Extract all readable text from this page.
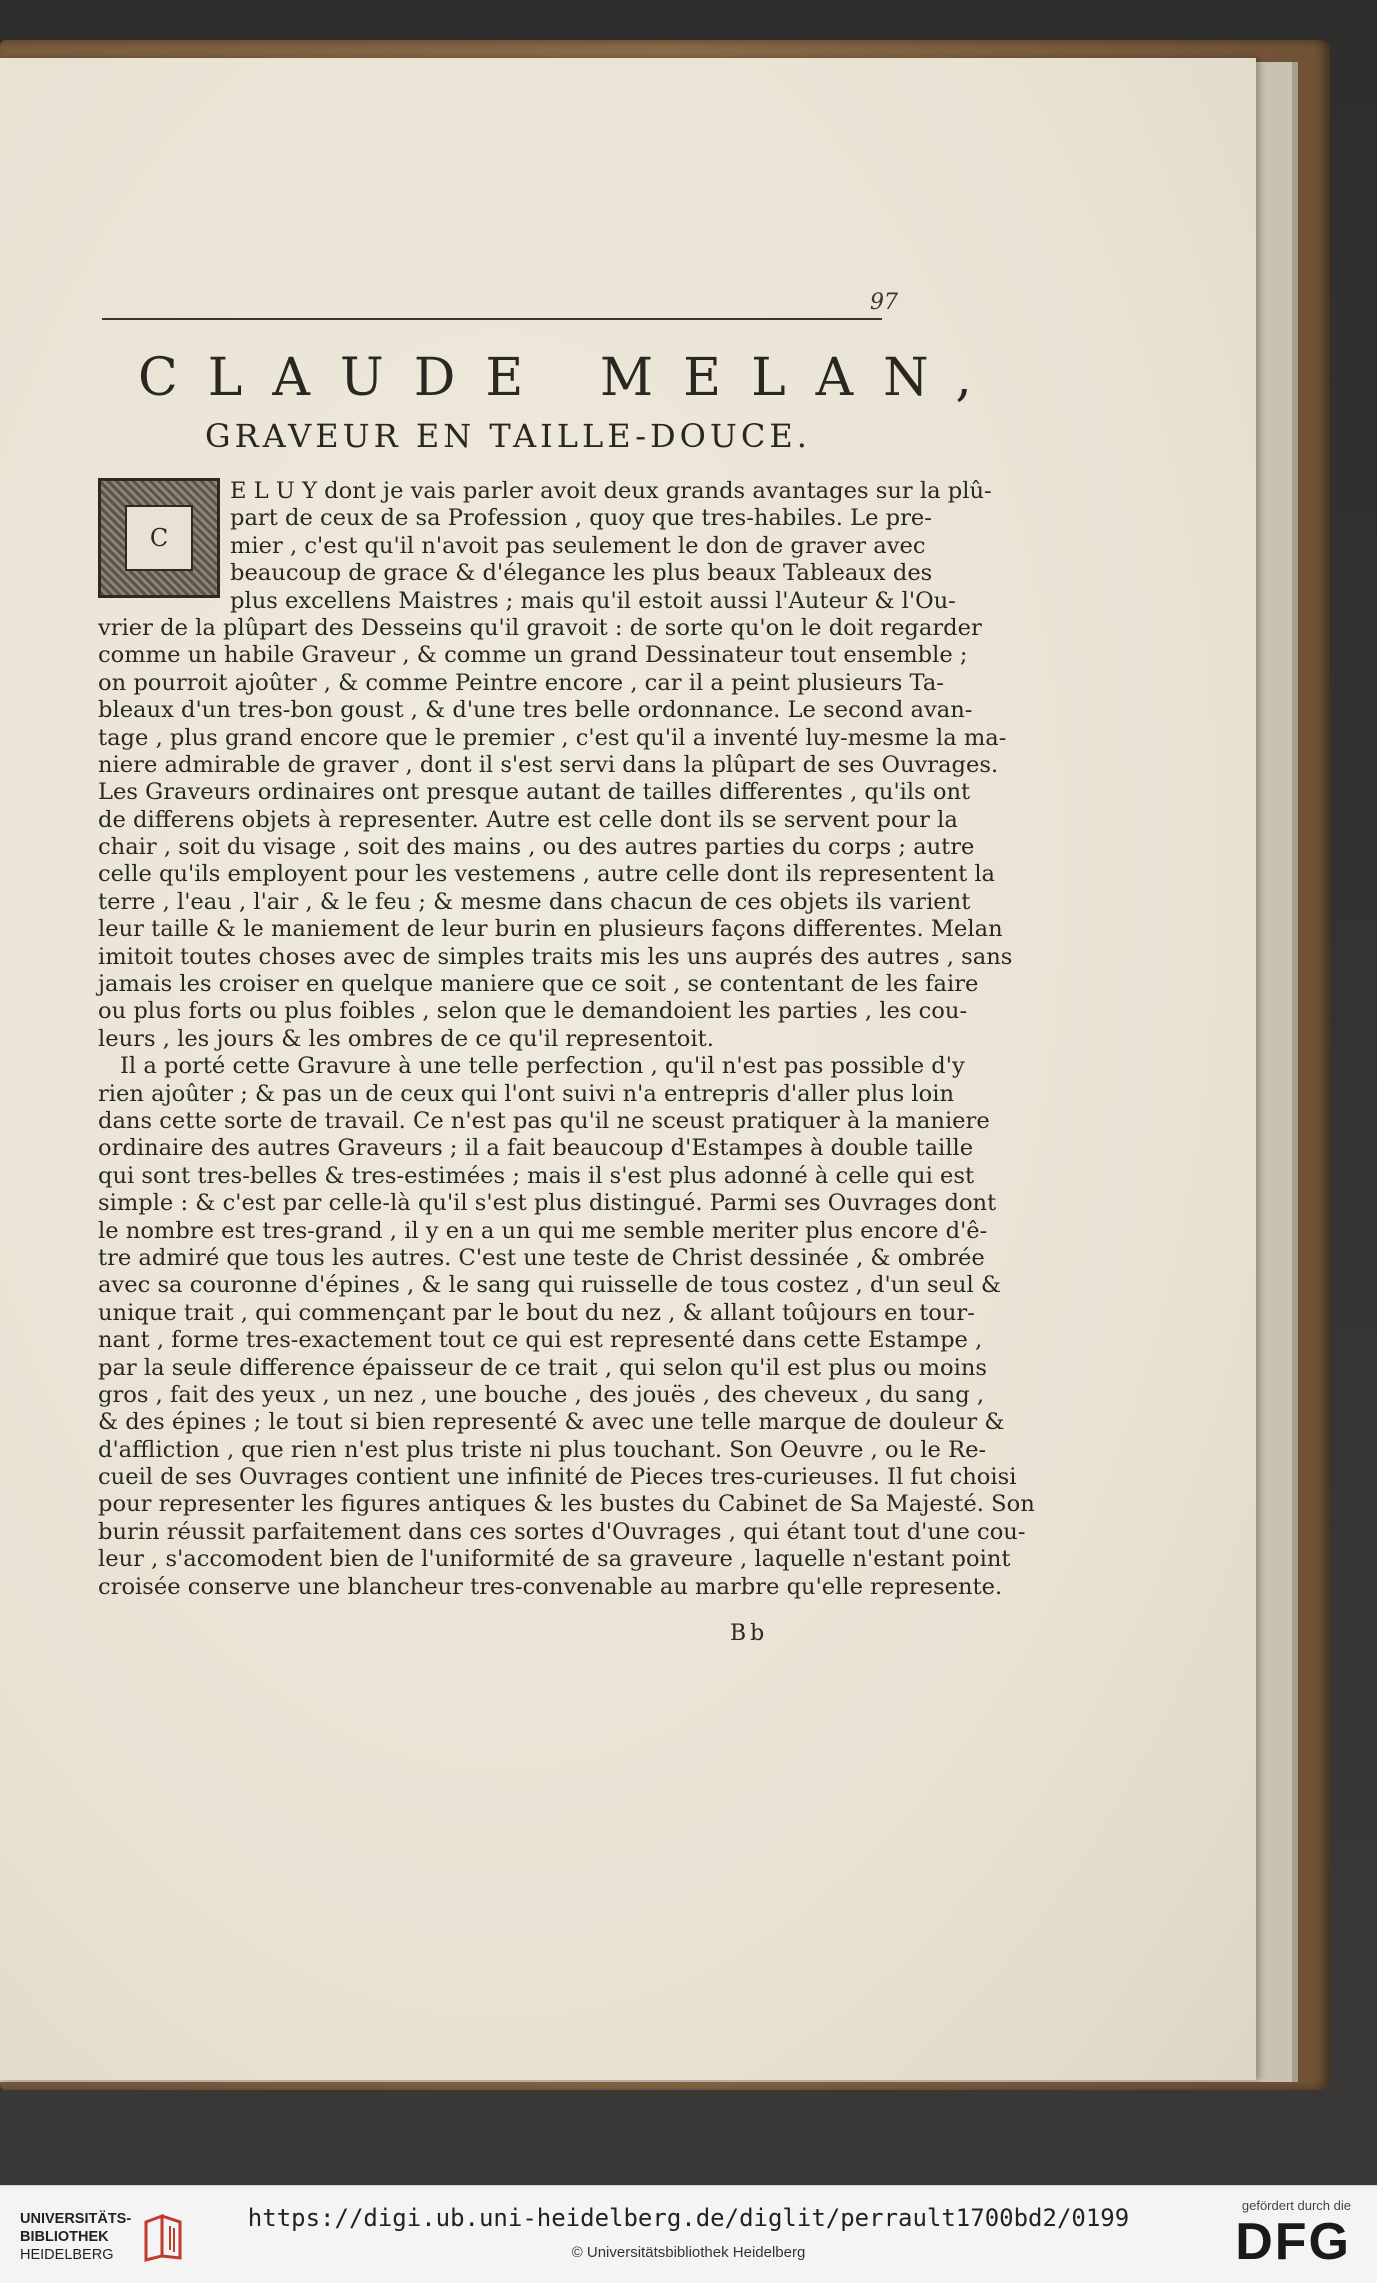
97
CLAUDE MELAN,
GRAVEUR EN TAILLE-DOUCE.
C
E L U Y dont je vais parler avoit deux grands avantages sur la plû-
part de ceux de sa Profession , quoy que tres-habiles. Le pre-
mier , c'est qu'il n'avoit pas seulement le don de graver avec
beaucoup de grace & d'élegance les plus beaux Tableaux des
plus excellens Maistres ; mais qu'il estoit aussi l'Auteur & l'Ou-
vrier de la plûpart des Desseins qu'il gravoit : de sorte qu'on le doit regarder
comme un habile Graveur , & comme un grand Dessinateur tout ensemble ;
on pourroit ajoûter , & comme Peintre encore , car il a peint plusieurs Ta-
bleaux d'un tres-bon goust , & d'une tres belle ordonnance. Le second avan-
tage , plus grand encore que le premier , c'est qu'il a inventé luy-mesme la ma-
niere admirable de graver , dont il s'est servi dans la plûpart de ses Ouvrages.
Les Graveurs ordinaires ont presque autant de tailles differentes , qu'ils ont
de differens objets à representer. Autre est celle dont ils se servent pour la
chair , soit du visage , soit des mains , ou des autres parties du corps ; autre
celle qu'ils employent pour les vestemens , autre celle dont ils representent la
terre , l'eau , l'air , & le feu ; & mesme dans chacun de ces objets ils varient
leur taille & le maniement de leur burin en plusieurs façons differentes. Melan
imitoit toutes choses avec de simples traits mis les uns auprés des autres , sans
jamais les croiser en quelque maniere que ce soit , se contentant de les faire
ou plus forts ou plus foibles , selon que le demandoient les parties , les cou-
leurs , les jours & les ombres de ce qu'il representoit.
Il a porté cette Gravure à une telle perfection , qu'il n'est pas possible d'y
rien ajoûter ; & pas un de ceux qui l'ont suivi n'a entrepris d'aller plus loin
dans cette sorte de travail. Ce n'est pas qu'il ne sceust pratiquer à la maniere
ordinaire des autres Graveurs ; il a fait beaucoup d'Estampes à double taille
qui sont tres-belles & tres-estimées ; mais il s'est plus adonné à celle qui est
simple : & c'est par celle-là qu'il s'est plus distingué. Parmi ses Ouvrages dont
le nombre est tres-grand , il y en a un qui me semble meriter plus encore d'ê-
tre admiré que tous les autres. C'est une teste de Christ dessinée , & ombrée
avec sa couronne d'épines , & le sang qui ruisselle de tous costez , d'un seul &
unique trait , qui commençant par le bout du nez , & allant toûjours en tour-
nant , forme tres-exactement tout ce qui est representé dans cette Estampe ,
par la seule difference épaisseur de ce trait , qui selon qu'il est plus ou moins
gros , fait des yeux , un nez , une bouche , des jouës , des cheveux , du sang ,
& des épines ; le tout si bien representé & avec une telle marque de douleur &
d'affliction , que rien n'est plus triste ni plus touchant. Son Oeuvre , ou le Re-
cueil de ses Ouvrages contient une infinité de Pieces tres-curieuses. Il fut choisi
pour representer les figures antiques & les bustes du Cabinet de Sa Majesté. Son
burin réussit parfaitement dans ces sortes d'Ouvrages , qui étant tout d'une cou-
leur , s'accomodent bien de l'uniformité de sa graveure , laquelle n'estant point
croisée conserve une blancheur tres-convenable au marbre qu'elle represente.
Bb
UNIVERSITÄTS-
BIBLIOTHEK
HEIDELBERG
https://digi.ub.uni-heidelberg.de/diglit/perrault1700bd2/0199
© Universitätsbibliothek Heidelberg
gefördert durch die
DFG
